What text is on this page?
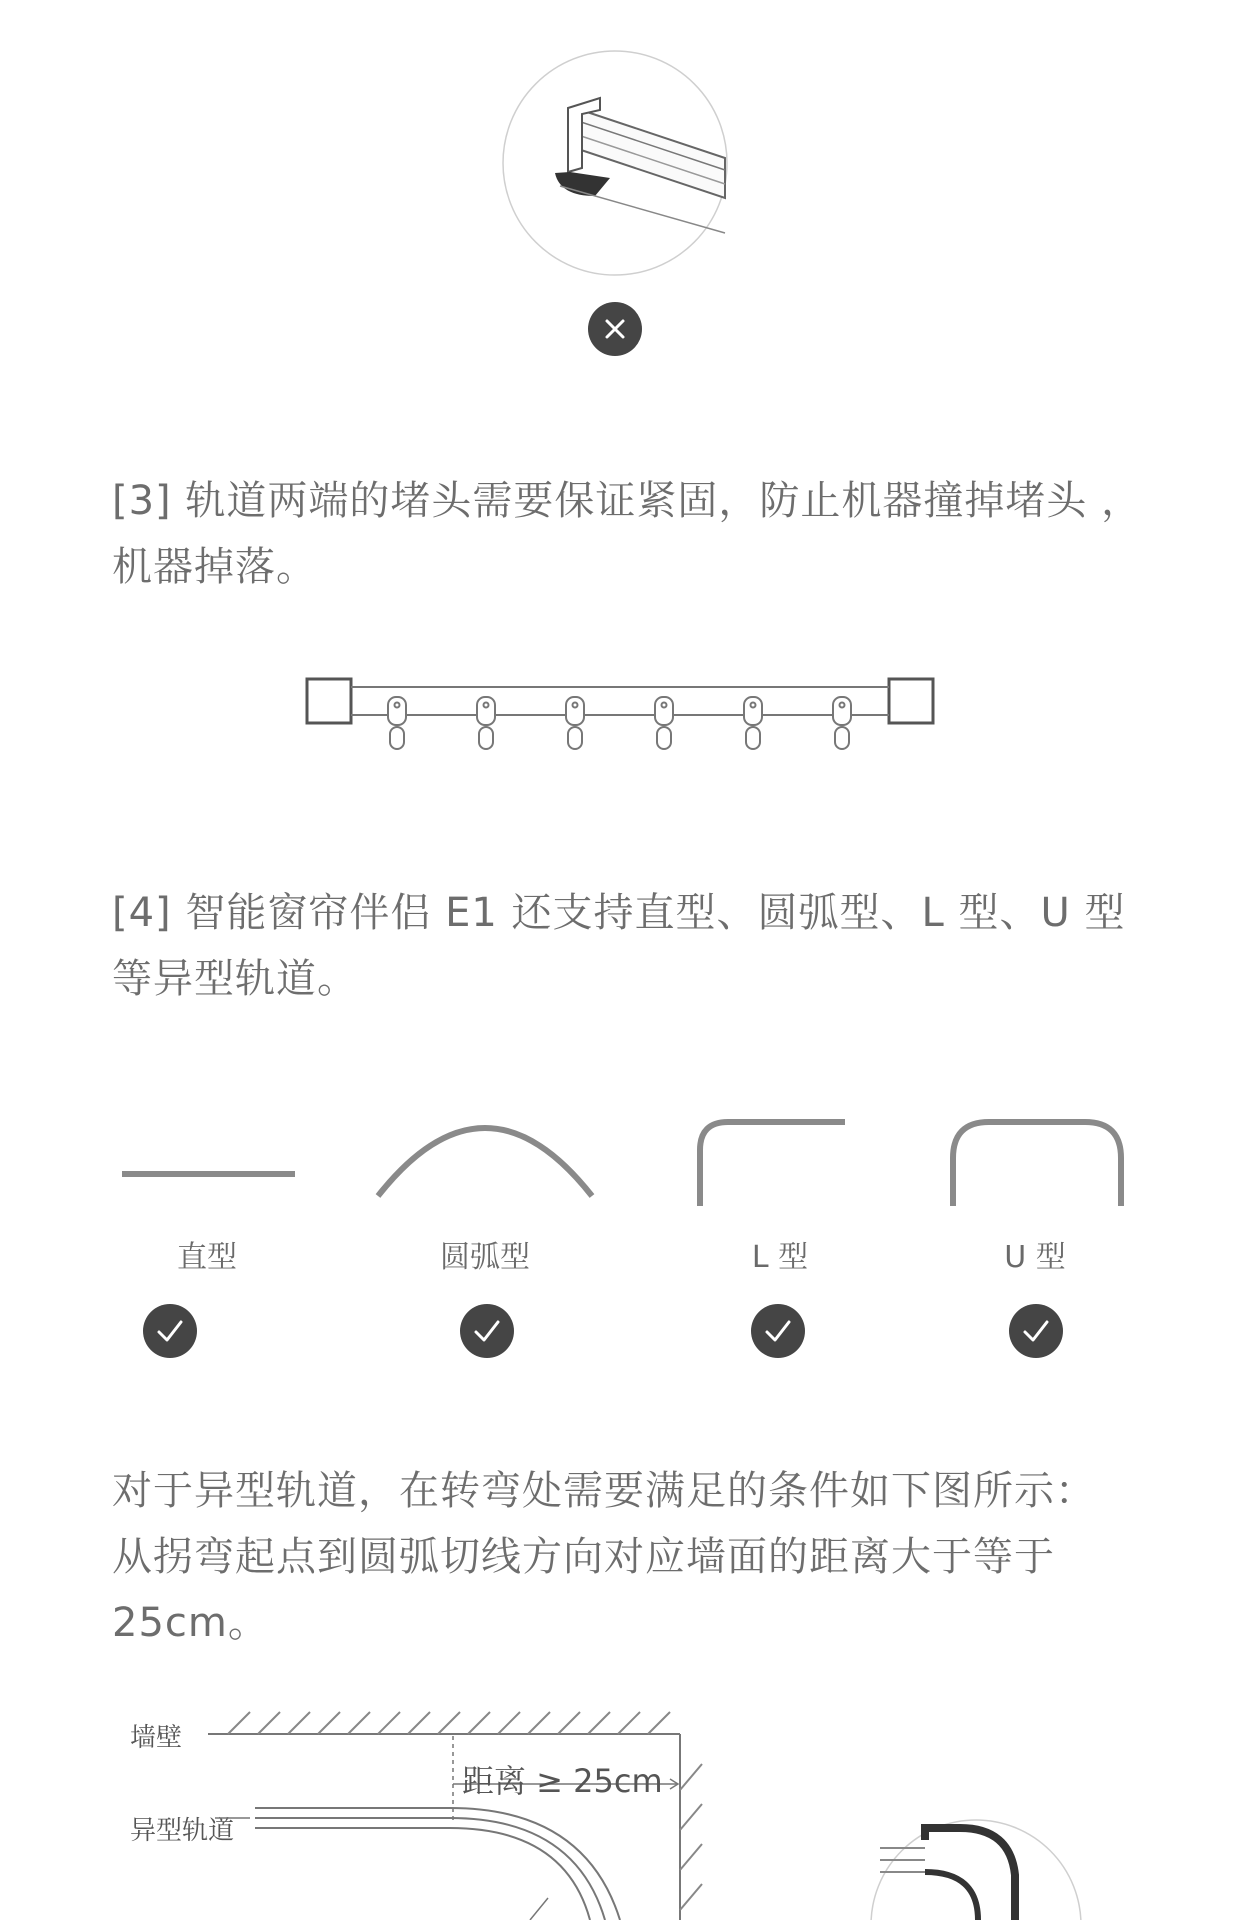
[3] 轨道两端的堵头需要保证紧固，防止机器撞掉堵头 ，
机器掉落。
[4] 智能窗帘伴侣 E1 还支持直型、圆弧型、L 型、U 型
等异型轨道。
直型	圆弧型	L 型	U 型
对于异型轨道，在转弯处需要满足的条件如下图所示：
从拐弯起点到圆弧切线方向对应墙面的距离大于等于
25cm。
墙壁
异型轨道
距离 ≥ 25cm
